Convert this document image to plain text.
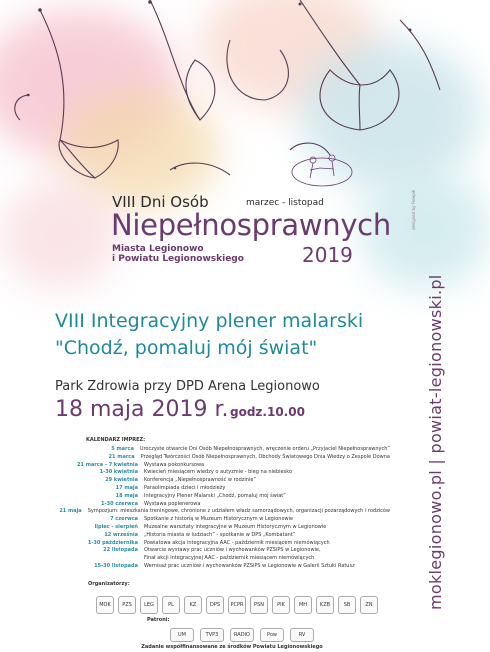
VIII Dni Osób	marzec - listopad
Niepełnosprawnych
Miasta Legionowo
i Powiatu Legionowskiego	2019
designed by Freepik
moklegionowo.pl | powiat-legionowski.pl
VIII Integracyjny plener malarski
"Chodź, pomaluj mój świat"
Park Zdrowia przy DPD Arena Legionowo
18 maja 2019 r. godz.10.00
KALENDARZ IMPREZ:
5 marca	Uroczyste otwarcie Dni Osób Niepełnosprawnych, wręczenie orderu „Przyjaciel Niepełnosprawnych”
21 marca	Przegląd Twórczości Osób Niepełnosprawnych, Obchody Światowego Dnia Wiedzy o Zespole Downa
21 marca - 7 kwietnia	Wystawa pokonkursowa
1-30 kwietnia	Kwiecień miesiącem wiedzy o autyzmie - bieg na niebiesko
29 kwietnia	Konferencja „Niepełnosprawność w rodzinie”
17 maja	Paraolimpiada dzieci i młodzieży
18 maja	Integracyjny Plener Malarski „Chodź, pomaluj mój świat”
1-30 czerwca	Wystawa poplenerowa
21 maja	Sympozjum: mieszkania treningowe, chronione z udziałem władz samorządowych, organizacji pozarządowych i rodziców
7 czerwca	Spotkanie z historią w Muzeum Historycznym w Legionowie
lipiec - sierpień	Muzealne warsztaty integracyjne w Muzeum Historycznym w Legionowie
12 września	„Historia miasta w ludziach” - spotkanie w DPS „Kombatant”
1-30 października	Powiatowa akcja integracyjna AAC - październik miesiącem niemówiących
22 listopada	Otwarcie wystawy prac uczniów i wychowanków PZSiPS w Legionowie,
Finał akcji integracyjnej AAC - październik miesiącem niemówiących
15-30 listopada	Wernisaż prac uczniów i wychowanków PZSiPS w Legionowie w Galerii Sztuki Ratusz
Organizatorzy:
MOK	PZS	LEG	PL	KZ	DPS	PCPR	PSN	PIK	MH	KZB	SB	ZN
Patroni:
UM	TVP3	RADIO	Pow	RV
Zadanie współfinansowane ze środków Powiatu Legionowskiego
